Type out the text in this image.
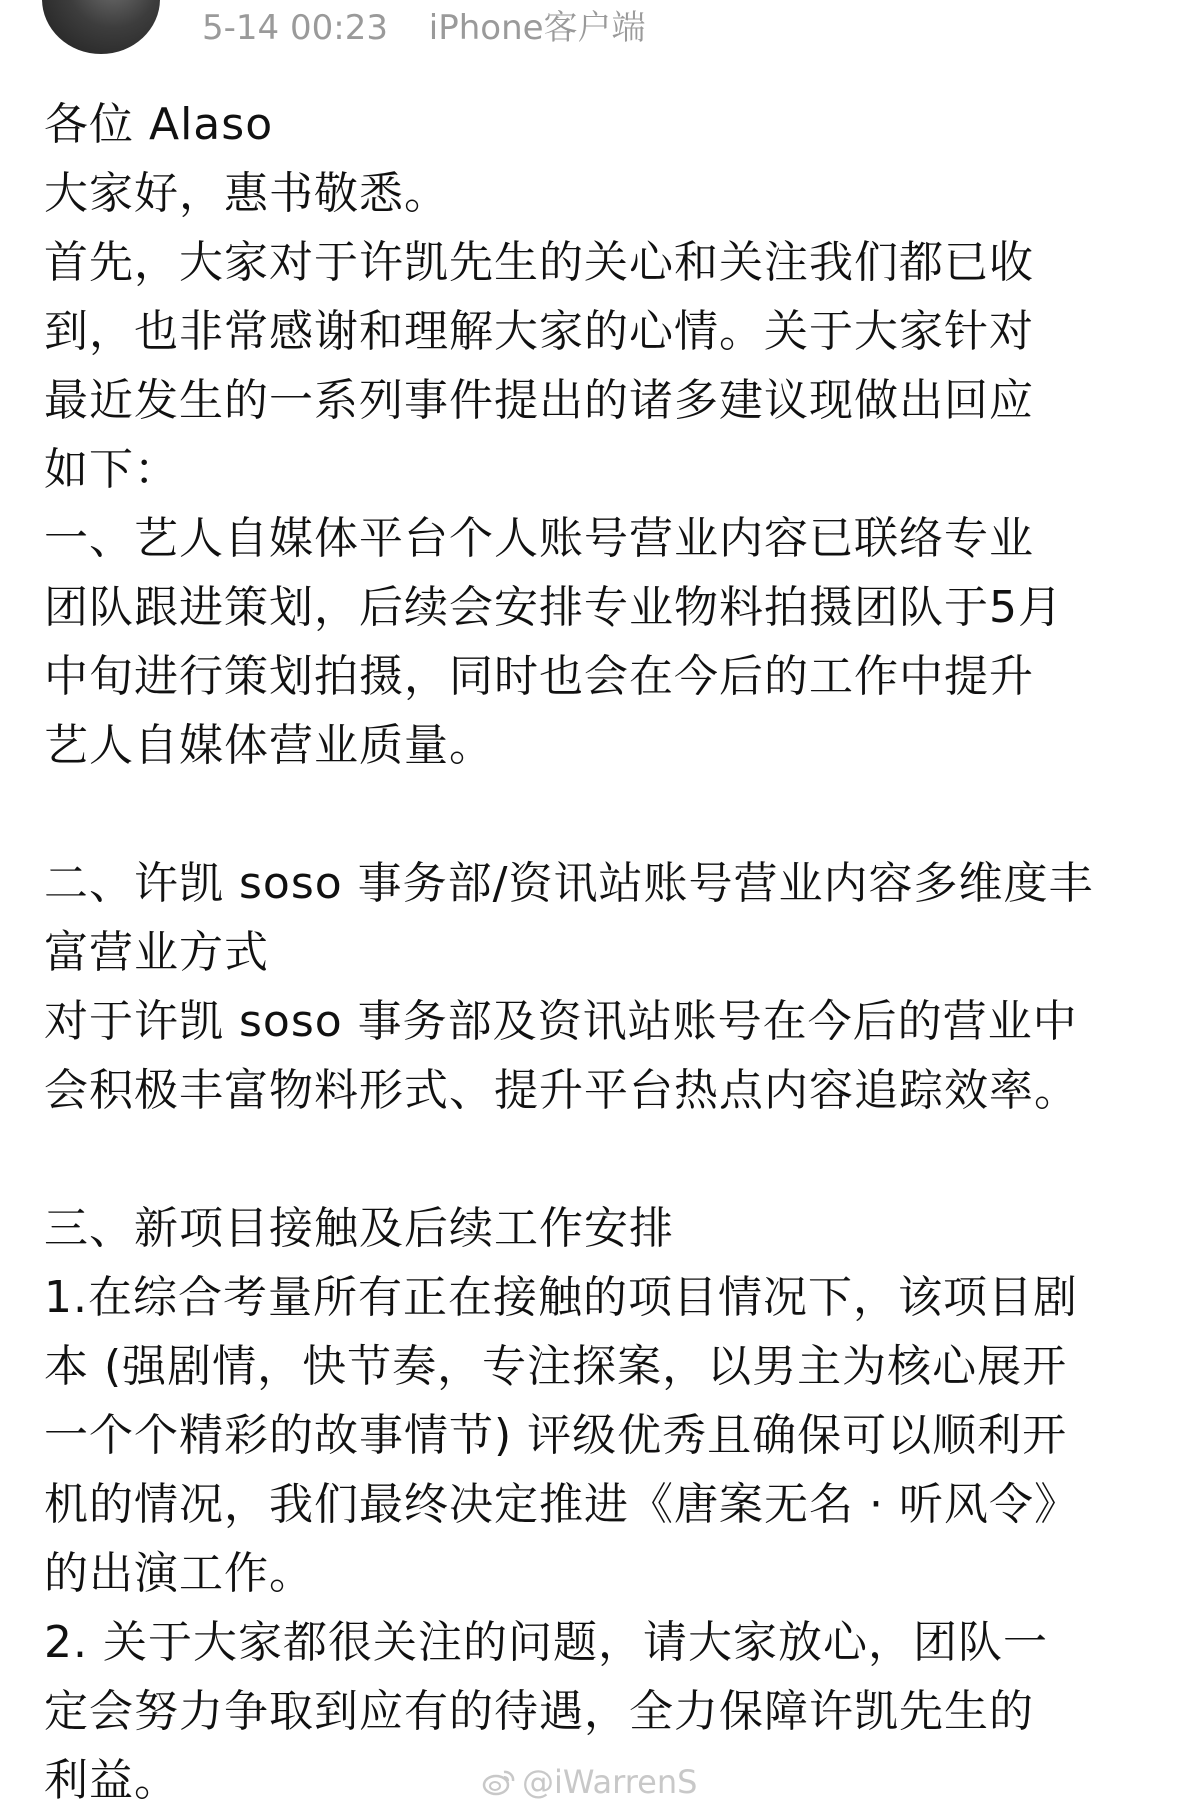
5-14 00:23 iPhone客户端

各位 Alaso

大家好，惠书敬悉。

首先，大家对于许凯先生的关心和关注我们都已收

到，也非常感谢和理解大家的心情。关于大家针对

最近发生的一系列事件提出的诸多建议现做出回应

如下：

一、艺人自媒体平台个人账号营业内容已联络专业

团队跟进策划，后续会安排专业物料拍摄团队于5月

中旬进行策划拍摄，同时也会在今后的工作中提升

艺人自媒体营业质量。

二、许凯 soso 事务部/资讯站账号营业内容多维度丰

富营业方式

对于许凯 soso 事务部及资讯站账号在今后的营业中

会积极丰富物料形式、提升平台热点内容追踪效率。

三、新项目接触及后续工作安排

1.在综合考量所有正在接触的项目情况下，该项目剧

本 (强剧情，快节奏，专注探案，以男主为核心展开

一个个精彩的故事情节) 评级优秀且确保可以顺利开

机的情况，我们最终决定推进《唐案无名 · 听风令》

的出演工作。

2. 关于大家都很关注的问题，请大家放心，团队一

定会努力争取到应有的待遇，全力保障许凯先生的

利益。	@iWarrenS
